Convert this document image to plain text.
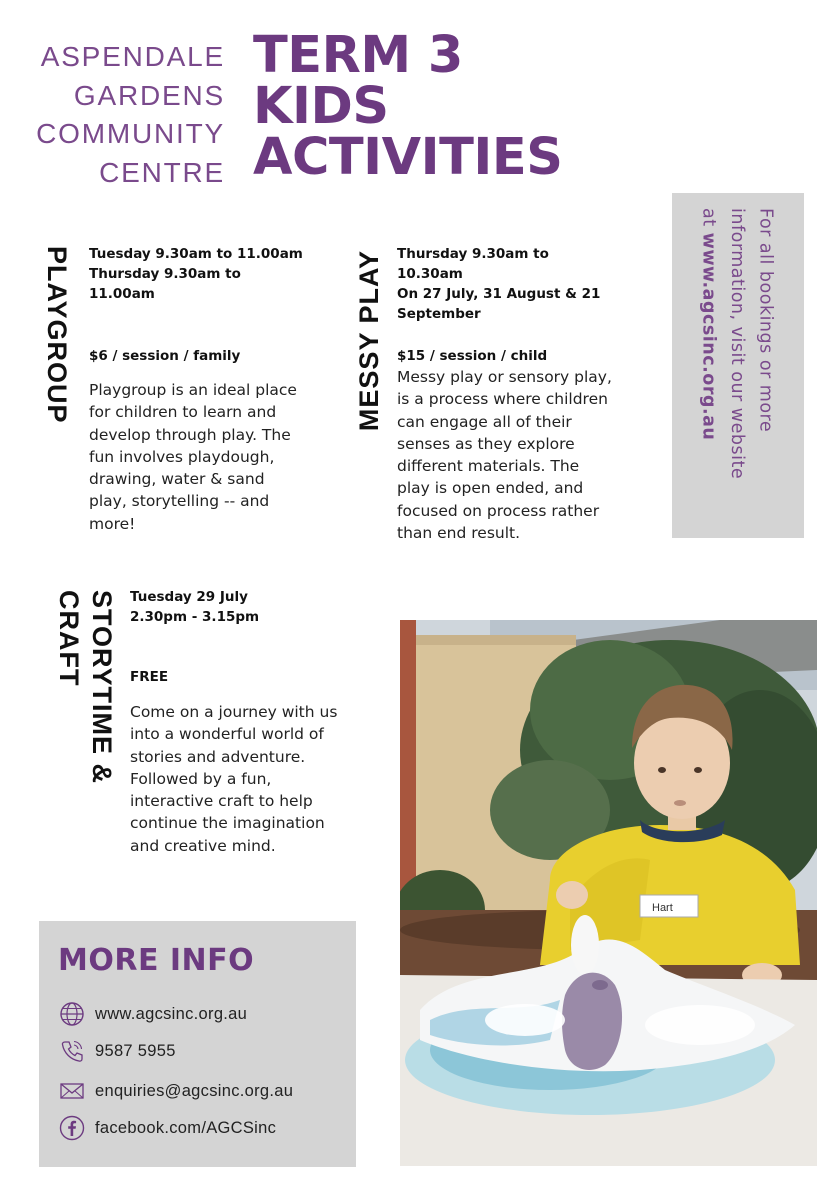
ASPENDALE
GARDENS
COMMUNITY
CENTRE
TERM 3
KIDS
ACTIVITIES
PLAYGROUP Tuesday 9.30am to 11.00am
Thursday 9.30am to 11.00am
$6 / session / family
Playgroup is an ideal place for children to learn and develop through play. The fun involves playdough, drawing, water & sand play, storytelling -- and more!
MESSY PLAY Thursday 9.30am to 10.30am
On 27 July, 31 August & 21 September
$15 / session / child
Messy play or sensory play, is a process where children can engage all of their senses as they explore different materials. The play is open ended, and focused on process rather than end result.
STORYTIME &
CRAFT	Tuesday 29 July
2.30pm - 3.15pm
FREE
Come on a journey with us into a wonderful world of stories and adventure. Followed by a fun, interactive craft to help continue the imagination and creative mind.
For all bookings or more
information, visit our website
at www.agcsinc.org.au
MORE INFO
www.agcsinc.org.au
9587 5955
enquiries@agcsinc.org.au
facebook.com/AGCSinc
Hart
